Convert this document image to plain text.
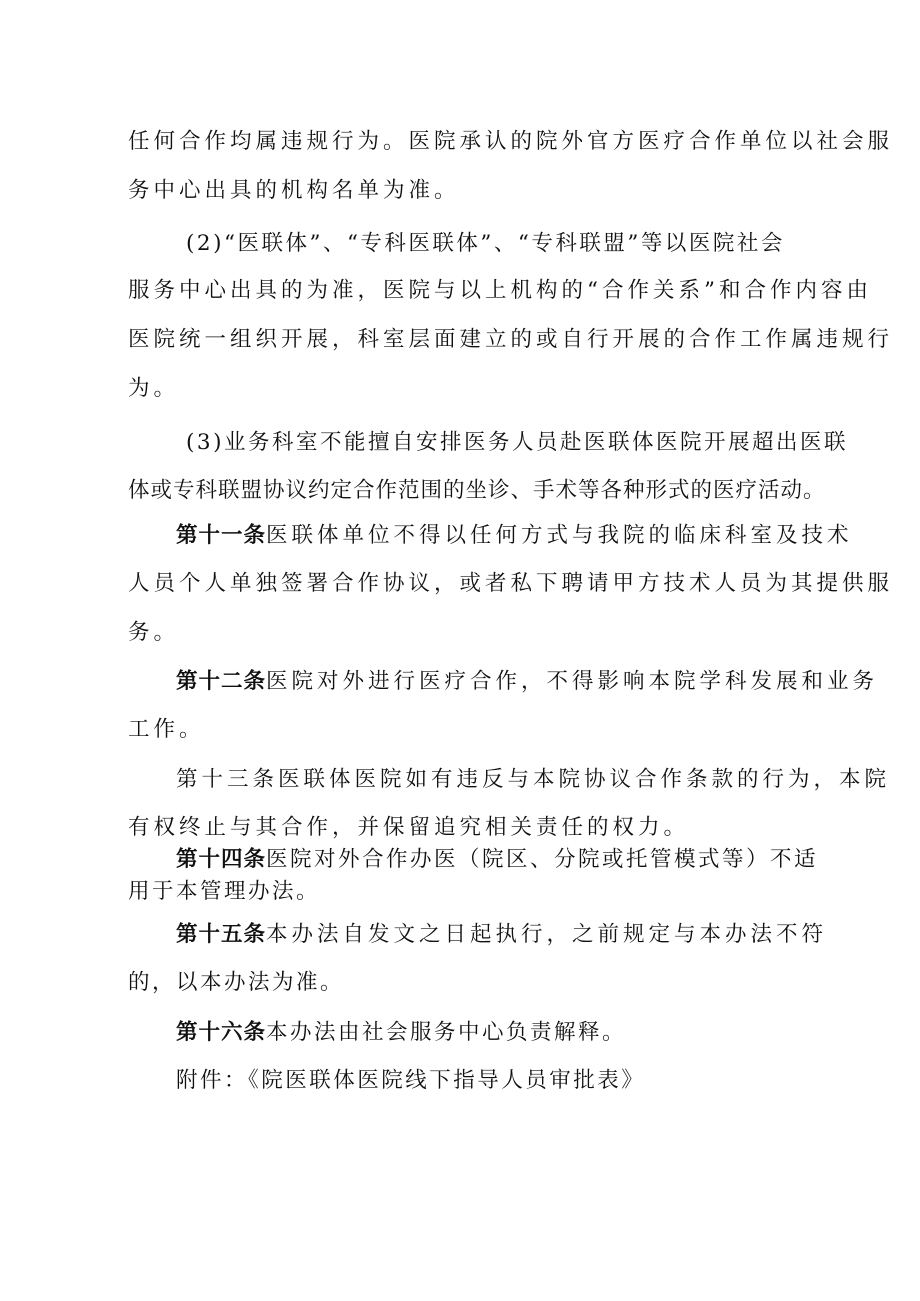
任何合作均属违规行为。医院承认的院外官方医疗合作单位以社会服

务中心出具的机构名单为准。

(2)“医联体”、“专科医联体”、“专科联盟”等以医院社会

服务中心出具的为准，医院与以上机构的“合作关系”和合作内容由

医院统一组织开展，科室层面建立的或自行开展的合作工作属违规行

为。

(3)业务科室不能擅自安排医务人员赴医联体医院开展超出医联

体或专科联盟协议约定合作范围的坐诊、手术等各种形式的医疗活动。

第十一条医联体单位不得以任何方式与我院的临床科室及技术

人员个人单独签署合作协议，或者私下聘请甲方技术人员为其提供服

务。

第十二条医院对外进行医疗合作，不得影响本院学科发展和业务

工作。

第十三条医联体医院如有违反与本院协议合作条款的行为，本院

有权终止与其合作，并保留追究相关责任的权力。

第十四条医院对外合作办医（院区、分院或托管模式等）不适

用于本管理办法。

第十五条本办法自发文之日起执行，之前规定与本办法不符

的，以本办法为准。

第十六条本办法由社会服务中心负责解释。

附件：《院医联体医院线下指导人员审批表》
